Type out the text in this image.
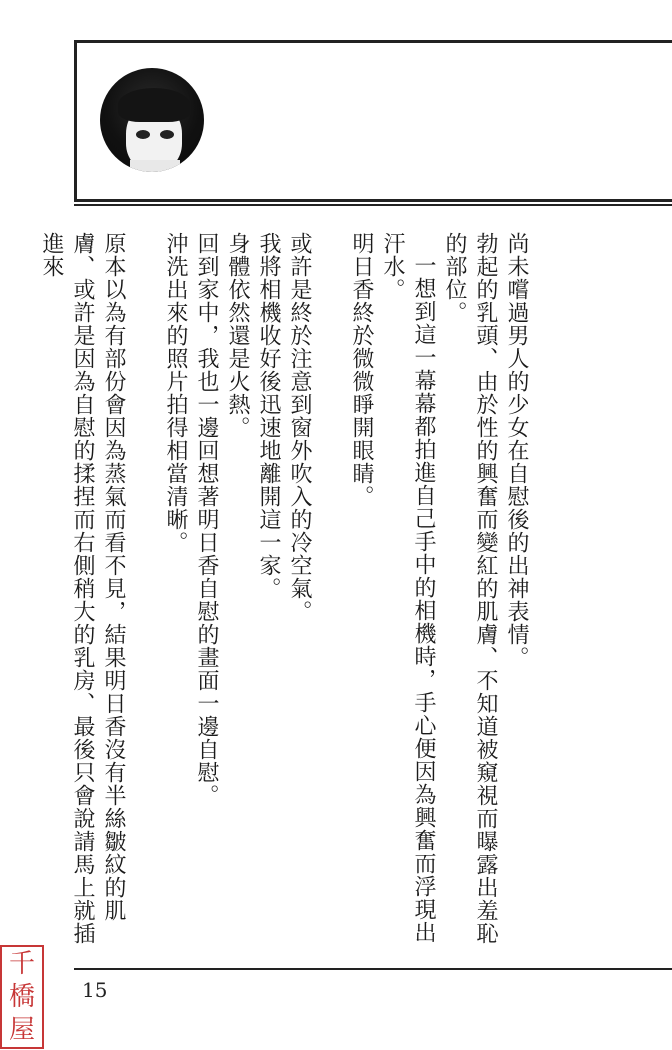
尚未嚐過男人的少女在自慰後的出神表情。

勃起的乳頭、由於性的興奮而變紅的肌膚、不知道被窺視而曝露出羞恥的部位。

一想到這一幕幕都拍進自己手中的相機時，手心便因為興奮而浮現出汗水。

明日香終於微微睜開眼睛。

或許是終於注意到窗外吹入的冷空氣。

我將相機收好後迅速地離開這一家。

身體依然還是火熱。

回到家中，我也一邊回想著明日香自慰的畫面一邊自慰。

沖洗出來的照片拍得相當清晰。

原本以為有部份會因為蒸氣而看不見，結果明日香沒有半絲皺紋的肌膚、或許是因為自慰的揉捏而右側稍大的乳房、最後只會說請馬上就插進來

15
千
橋
屋
